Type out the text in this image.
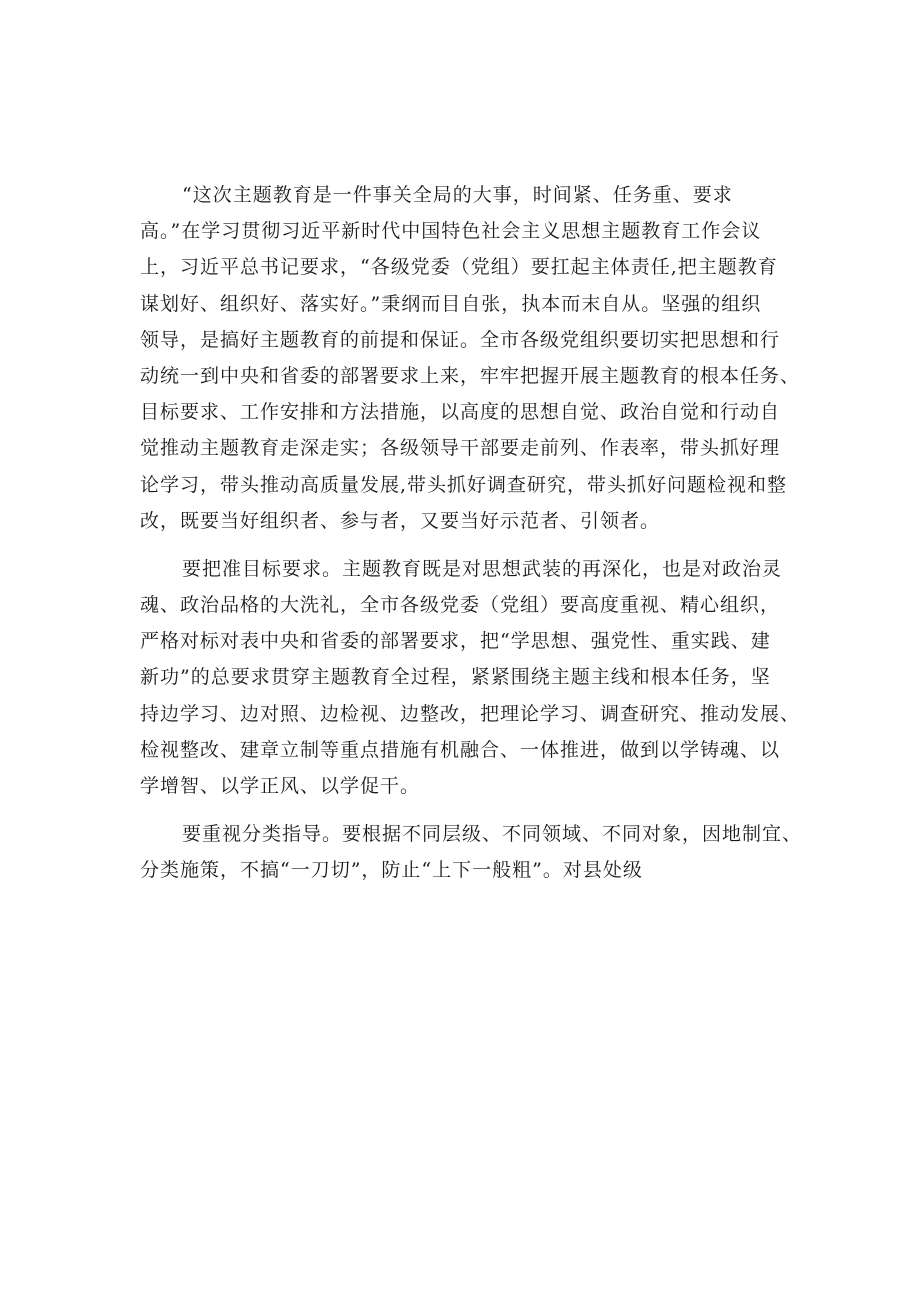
“这次主题教育是一件事关全局的大事，时间紧、任务重、要求
高。”在学习贯彻习近平新时代中国特色社会主义思想主题教育工作会议
上，习近平总书记要求，“各级党委（党组）要扛起主体责任,把主题教育
谋划好、组织好、落实好。”秉纲而目自张，执本而末自从。坚强的组织
领导，是搞好主题教育的前提和保证。全市各级党组织要切实把思想和行
动统一到中央和省委的部署要求上来，牢牢把握开展主题教育的根本任务、
目标要求、工作安排和方法措施，以高度的思想自觉、政治自觉和行动自
觉推动主题教育走深走实；各级领导干部要走前列、作表率，带头抓好理
论学习，带头推动高质量发展,带头抓好调查研究，带头抓好问题检视和整
改，既要当好组织者、参与者，又要当好示范者、引领者。
要把准目标要求。主题教育既是对思想武装的再深化，也是对政治灵
魂、政治品格的大洗礼，全市各级党委（党组）要高度重视、精心组织，
严格对标对表中央和省委的部署要求，把“学思想、强党性、重实践、建
新功”的总要求贯穿主题教育全过程，紧紧围绕主题主线和根本任务，坚
持边学习、边对照、边检视、边整改，把理论学习、调查研究、推动发展、
检视整改、建章立制等重点措施有机融合、一体推进，做到以学铸魂、以
学增智、以学正风、以学促干。
要重视分类指导。要根据不同层级、不同领域、不同对象，因地制宜、
分类施策，不搞“一刀切”，防止“上下一般粗”。对县处级
